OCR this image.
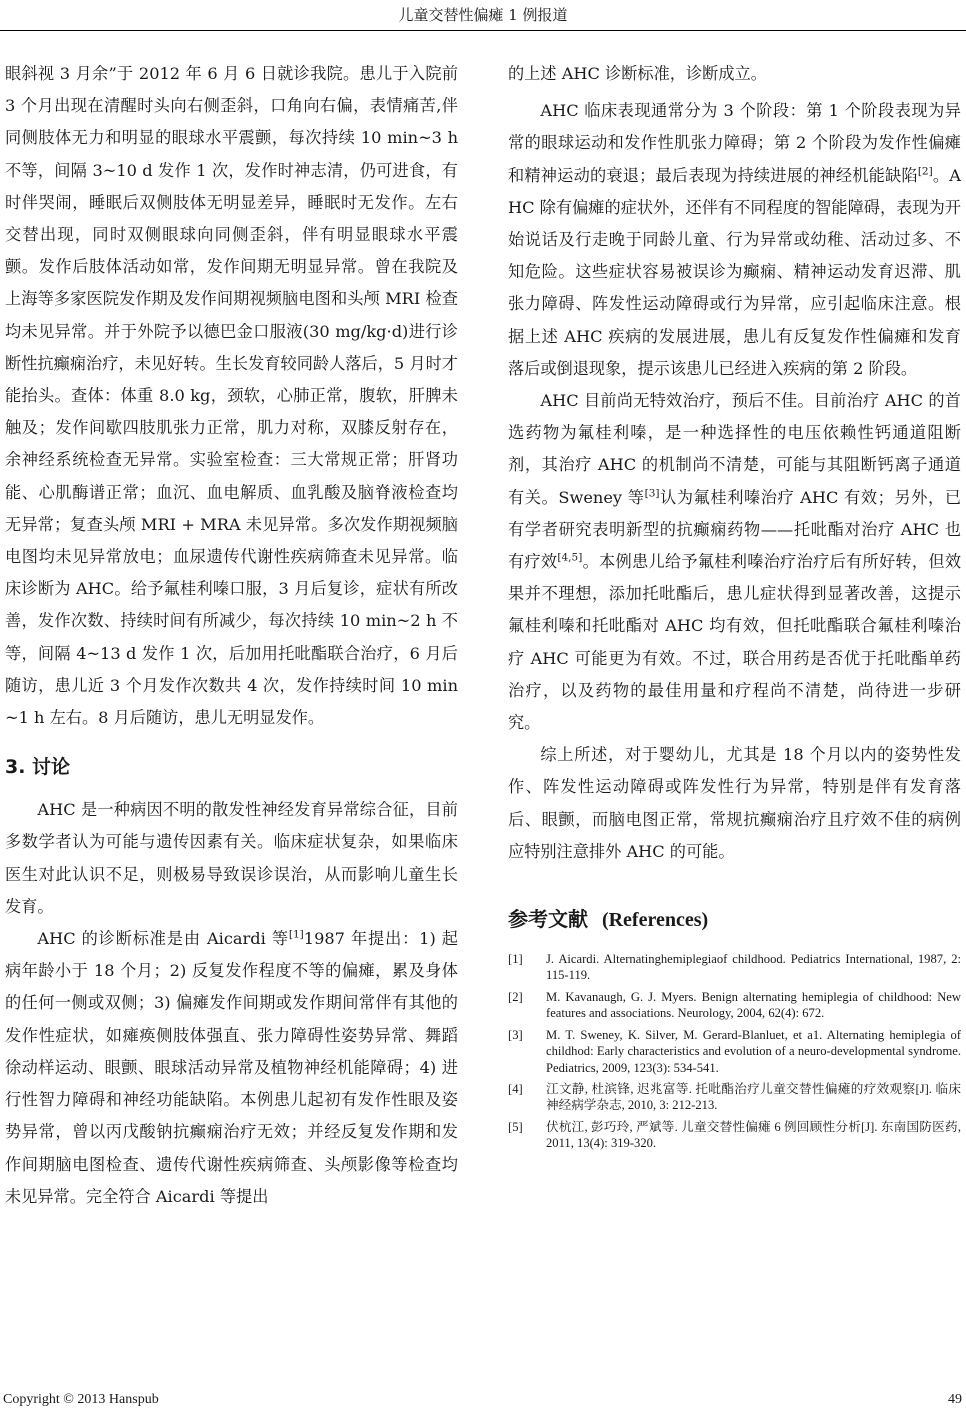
儿童交替性偏瘫 1 例报道

眼斜视 3 月余”于 2012 年 6 月 6 日就诊我院。患儿于入院前 3 个月出现在清醒时头向右侧歪斜，口角向右偏，表情痛苦,伴同侧肢体无力和明显的眼球水平震颤，每次持续 10 min~3 h 不等，间隔 3~10 d 发作 1 次，发作时神志清，仍可进食，有时伴哭闹，睡眠后双侧肢体无明显差异，睡眠时无发作。左右交替出现，同时双侧眼球向同侧歪斜，伴有明显眼球水平震颤。发作后肢体活动如常，发作间期无明显异常。曾在我院及上海等多家医院发作期及发作间期视频脑电图和头颅 MRI 检查均未见异常。并于外院予以德巴金口服液(30 mg/kg·d)进行诊断性抗癫痫治疗，未见好转。生长发育较同龄人落后，5 月时才能抬头。查体：体重 8.0 kg，颈软，心肺正常，腹软，肝脾未触及；发作间歇四肢肌张力正常，肌力对称，双膝反射存在，余神经系统检查无异常。实验室检查：三大常规正常；肝肾功能、心肌酶谱正常；血沉、血电解质、血乳酸及脑脊液检查均无异常；复查头颅 MRI + MRA 未见异常。多次发作期视频脑电图均未见异常放电；血尿遗传代谢性疾病筛查未见异常。临床诊断为 AHC。给予氟桂利嗪口服，3 月后复诊，症状有所改善，发作次数、持续时间有所减少，每次持续 10 min~2 h 不等，间隔 4~13 d 发作 1 次，后加用托吡酯联合治疗，6 月后随访，患儿近 3 个月发作次数共 4 次，发作持续时间 10 min~1 h 左右。8 月后随访，患儿无明显发作。

3. 讨论

AHC 是一种病因不明的散发性神经发育异常综合征，目前多数学者认为可能与遗传因素有关。临床症状复杂，如果临床医生对此认识不足，则极易导致误诊误治，从而影响儿童生长发育。

AHC 的诊断标准是由 Aicardi 等[1]1987 年提出：1) 起病年龄小于 18 个月；2) 反复发作程度不等的偏瘫，累及身体的任何一侧或双侧；3) 偏瘫发作间期或发作期间常伴有其他的发作性症状，如瘫痪侧肢体强直、张力障碍性姿势异常、舞蹈徐动样运动、眼颤、眼球活动异常及植物神经机能障碍；4) 进行性智力障碍和神经功能缺陷。本例患儿起初有发作性眼及姿势异常，曾以丙戊酸钠抗癫痫治疗无效；并经反复发作期和发作间期脑电图检查、遗传代谢性疾病筛查、头颅影像等检查均未见异常。完全符合 Aicardi 等提出

的上述 AHC 诊断标准，诊断成立。

AHC 临床表现通常分为 3 个阶段：第 1 个阶段表现为异常的眼球运动和发作性肌张力障碍；第 2 个阶段为发作性偏瘫和精神运动的衰退；最后表现为持续进展的神经机能缺陷[2]。AHC 除有偏瘫的症状外，还伴有不同程度的智能障碍，表现为开始说话及行走晚于同龄儿童、行为异常或幼稚、活动过多、不知危险。这些症状容易被误诊为癫痫、精神运动发育迟滞、肌张力障碍、阵发性运动障碍或行为异常，应引起临床注意。根据上述 AHC 疾病的发展进展，患儿有反复发作性偏瘫和发育落后或倒退现象，提示该患儿已经进入疾病的第 2 阶段。

AHC 目前尚无特效治疗，预后不佳。目前治疗 AHC 的首选药物为氟桂利嗪，是一种选择性的电压依赖性钙通道阻断剂，其治疗 AHC 的机制尚不清楚，可能与其阻断钙离子通道有关。Sweney 等[3]认为氟桂利嗪治疗 AHC 有效；另外，已有学者研究表明新型的抗癫痫药物——托吡酯对治疗 AHC 也有疗效[4,5]。本例患儿给予氟桂利嗪治疗治疗后有所好转，但效果并不理想，添加托吡酯后，患儿症状得到显著改善，这提示氟桂利嗪和托吡酯对 AHC 均有效，但托吡酯联合氟桂利嗪治疗 AHC 可能更为有效。不过，联合用药是否优于托吡酯单药治疗，以及药物的最佳用量和疗程尚不清楚，尚待进一步研究。

综上所述，对于婴幼儿，尤其是 18 个月以内的姿势性发作、阵发性运动障碍或阵发性行为异常，特别是伴有发育落后、眼颤，而脑电图正常，常规抗癫痫治疗且疗效不佳的病例应特别注意排外 AHC 的可能。

参考文献 (References)
[1]	J. Aicardi. Alternatinghemiplegiaof childhood. Pediatrics International, 1987, 2: 115-119.
[2]	M. Kavanaugh, G. J. Myers. Benign alternating hemiplegia of childhood: New features and associations. Neurology, 2004, 62(4): 672.
[3]	M. T. Sweney, K. Silver, M. Gerard-Blanluet, et a1. Alternating hemiplegia of childhod: Early characteristics and evolution of a neuro-developmental syndrome. Pediatrics, 2009, 123(3): 534-541.
[4]	江文静, 杜滨锋, 迟兆富等. 托吡酯治疗儿童交替性偏瘫的疗效观察[J]. 临床神经病学杂志, 2010, 3: 212-213.
[5]	伏杭江, 彭巧玲, 严斌等. 儿童交替性偏瘫 6 例回顾性分析[J]. 东南国防医药, 2011, 13(4): 319-320.
Copyright © 2013 Hanspub	49
